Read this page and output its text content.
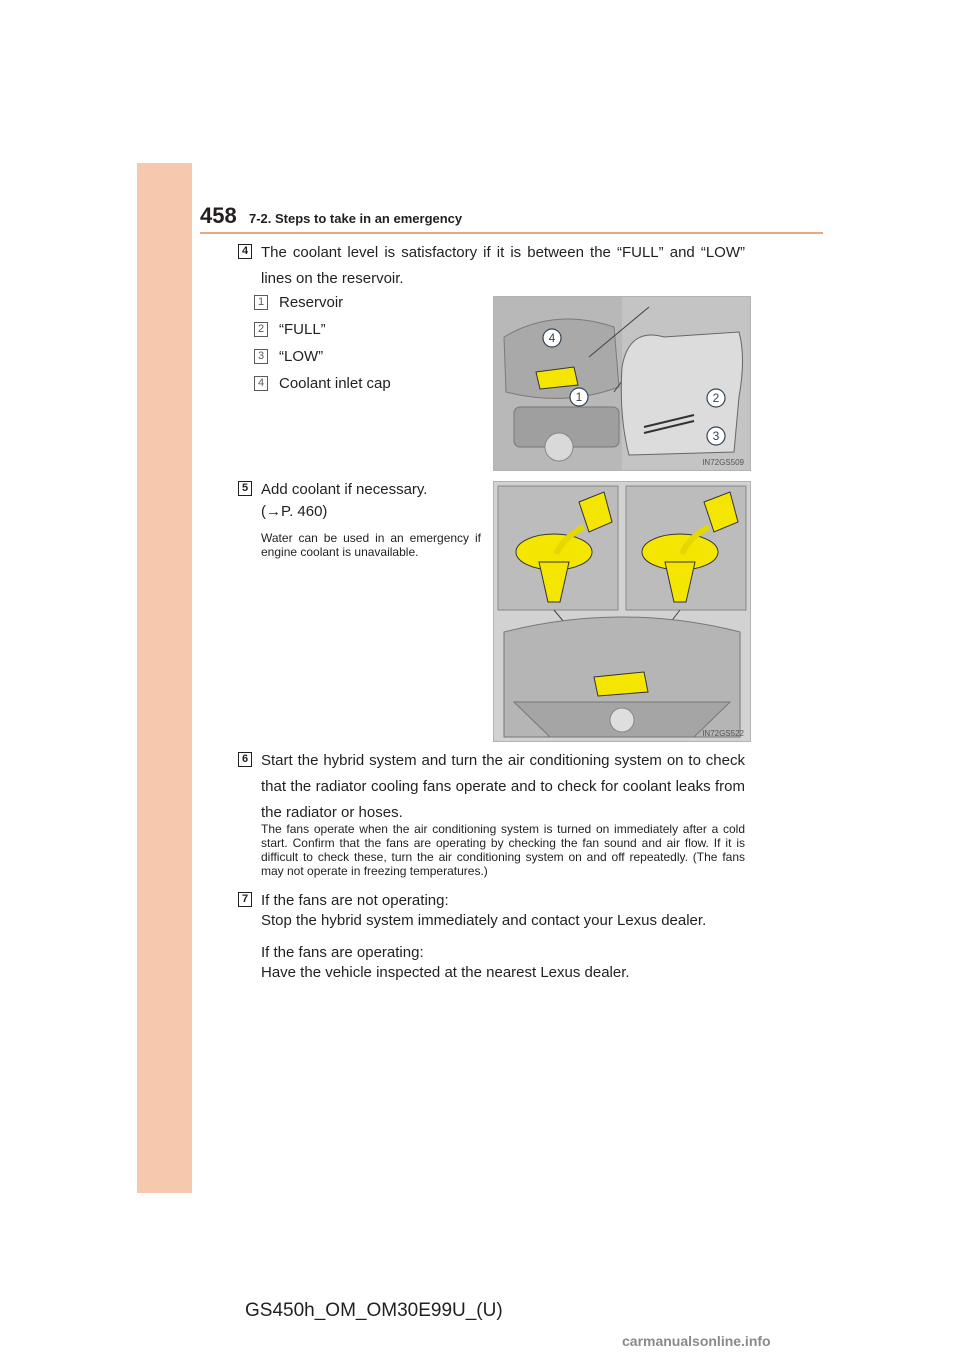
458 7-2. Steps to take in an emergency
4 The coolant level is satisfactory if it is between the “FULL” and “LOW” lines on the reservoir.
1 Reservoir
2 “FULL”
3 “LOW”
4 Coolant inlet cap
4
1	2
3
IN72GS509
5 Add coolant if necessary.
(→P. 460)
Water can be used in an emergency if engine coolant is unavailable.
IN72GS522
6 Start the hybrid system and turn the air conditioning system on to check that the radiator cooling fans operate and to check for coolant leaks from the radiator or hoses.
The fans operate when the air conditioning system is turned on immediately after a cold start. Confirm that the fans are operating by checking the fan sound and air flow. If it is difficult to check these, turn the air conditioning system on and off repeatedly. (The fans may not operate in freezing temperatures.)
7 If the fans are not operating:
Stop the hybrid system immediately and contact your Lexus dealer.
If the fans are operating:
Have the vehicle inspected at the nearest Lexus dealer.
GS450h_OM_OM30E99U_(U)
carmanualsonline.info
